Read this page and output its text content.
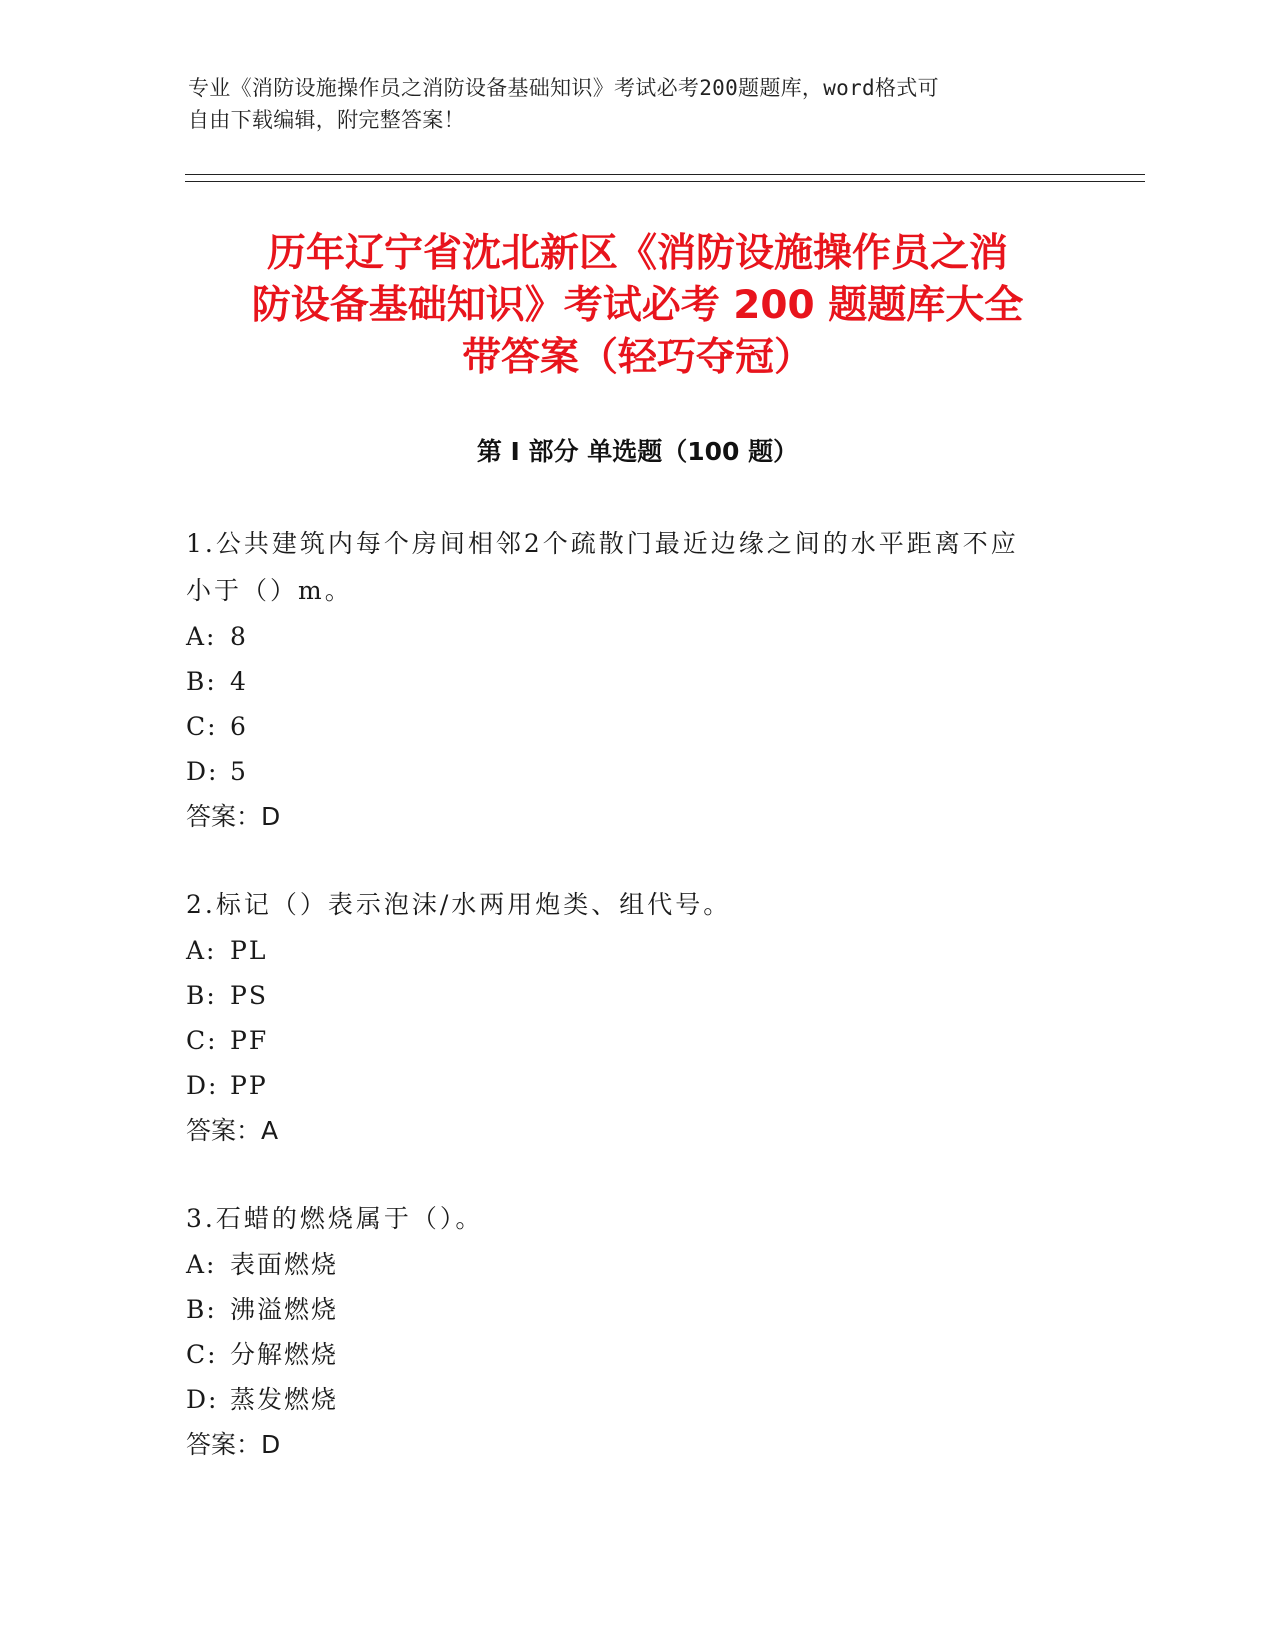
专业《消防设施操作员之消防设备基础知识》考试必考200题题库，word格式可
自由下载编辑，附完整答案！
历年辽宁省沈北新区《消防设施操作员之消
防设备基础知识》考试必考 200 题题库大全
带答案（轻巧夺冠）
第 I 部分 单选题（100 题）
1.公共建筑内每个房间相邻2个疏散门最近边缘之间的水平距离不应
小于（）m。
A: 8
B: 4
C: 6
D: 5
答案：D
2.标记（）表示泡沫/水两用炮类、组代号。
A: PL
B: PS
C: PF
D: PP
答案：A
3.石蜡的燃烧属于（）。
A: 表面燃烧
B: 沸溢燃烧
C: 分解燃烧
D: 蒸发燃烧
答案：D
